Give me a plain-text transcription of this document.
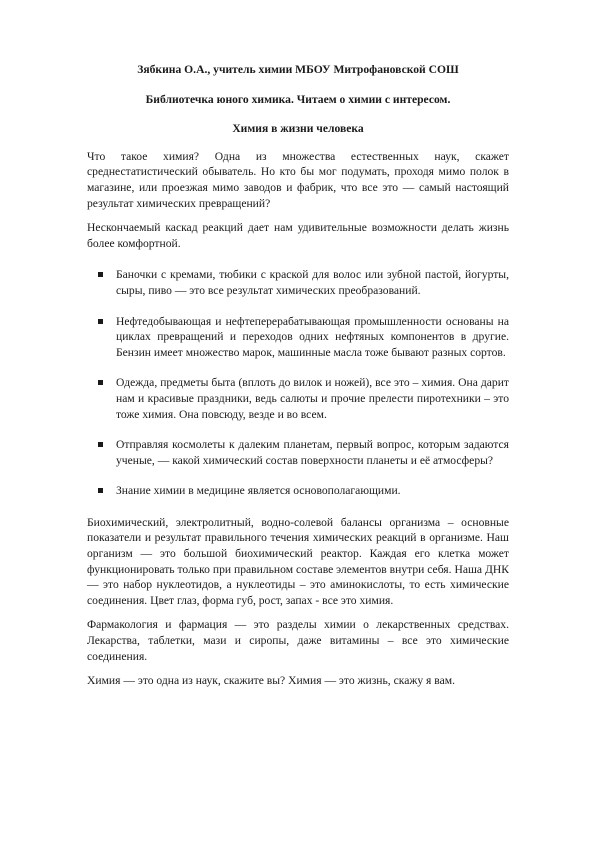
Зябкина О.А., учитель химии МБОУ Митрофановской СОШ
Библиотечка юного химика. Читаем о химии с интересом.
Химия в жизни человека

Что такое химия? Одна из множества естественных наук, скажет среднестатистический обыватель. Но кто бы мог подумать, проходя мимо полок в магазине, или проезжая мимо заводов и фабрик, что все это — самый настоящий результат химических превращений?

Нескончаемый каскад реакций дает нам удивительные возможности делать жизнь более комфортной.

Баночки с кремами, тюбики с краской для волос или зубной пастой, йогурты, сыры, пиво — это все результат химических преобразований.
Нефтедобывающая и нефтеперерабатывающая промышленности основаны на циклах превращений и переходов одних нефтяных компонентов в другие. Бензин имеет множество марок, машинные масла тоже бывают разных сортов.
Одежда, предметы быта (вплоть до вилок и ножей), все это – химия. Она дарит нам и красивые праздники, ведь салюты и прочие прелести пиротехники – это тоже химия. Она повсюду, везде и во всем.
Отправляя космолеты к далеким планетам, первый вопрос, которым задаются ученые, — какой химический состав поверхности планеты и её атмосферы?
Знание химии в медицине является основополагающими.

Биохимический, электролитный, водно-солевой балансы организма – основные показатели и результат правильного течения химических реакций в организме. Наш организм — это большой биохимический реактор. Каждая его клетка может функционировать только при правильном составе элементов внутри себя. Наша ДНК — это набор нуклеотидов, а нуклеотиды – это аминокислоты, то есть химические соединения. Цвет глаз, форма губ, рост, запах - все это химия.

Фармакология и фармация — это разделы химии о лекарственных средствах. Лекарства, таблетки, мази и сиропы, даже витамины – все это химические соединения.

Химия — это одна из наук, скажите вы? Химия — это жизнь, скажу я вам.
